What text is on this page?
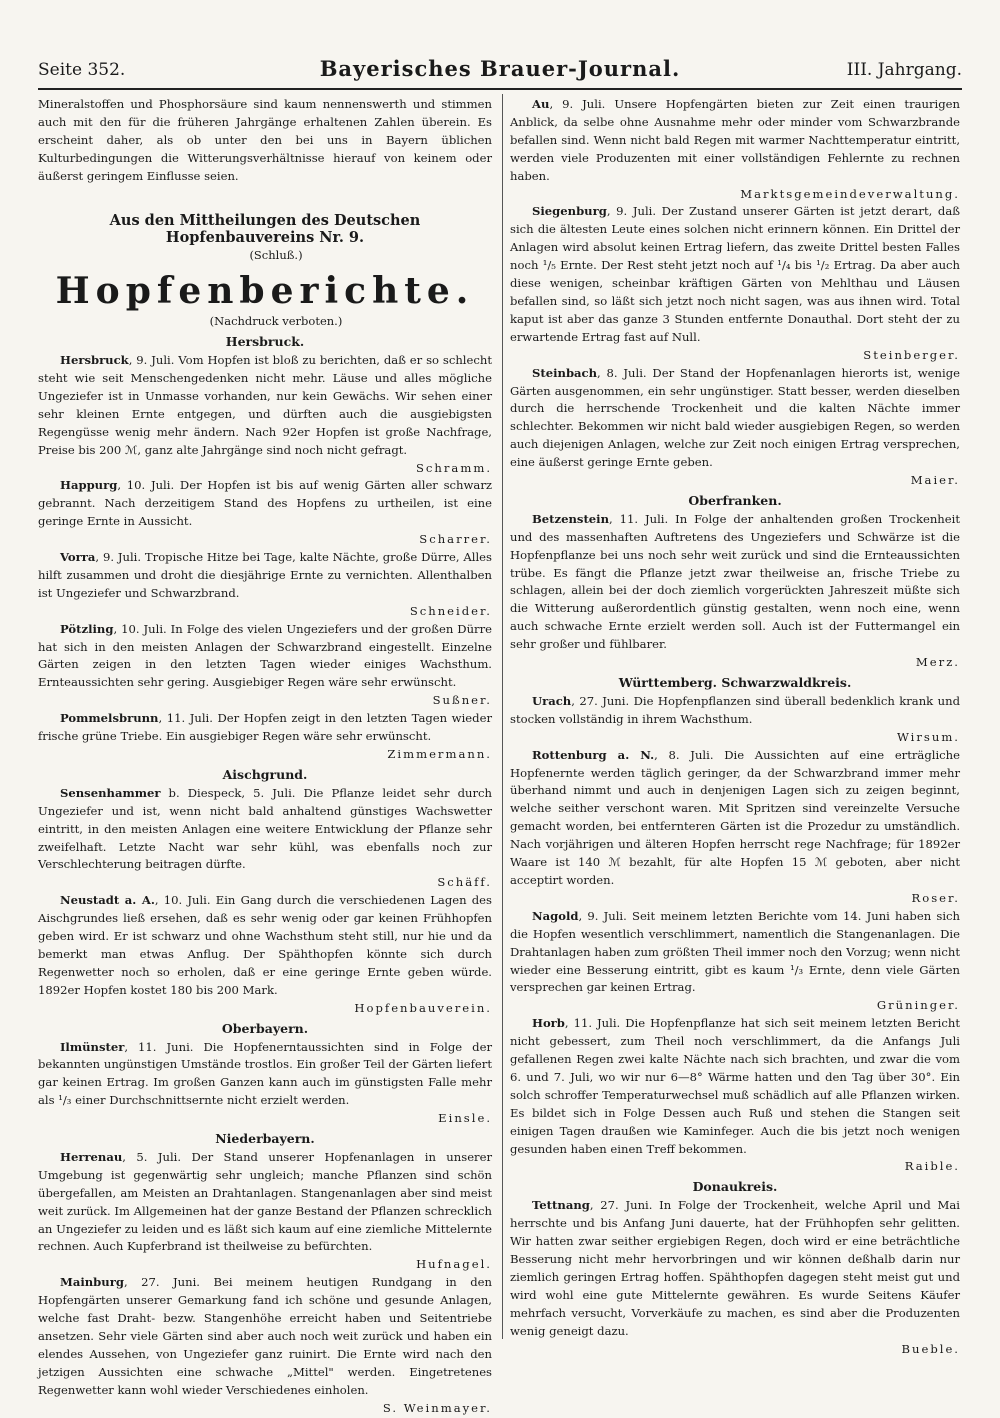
Seite 352.	Bayerisches Brauer-Journal.	III. Jahrgang.

Mineralstoffen und Phosphorsäure sind kaum nennenswerth und stimmen auch mit den für die früheren Jahrgänge erhaltenen Zahlen überein. Es erscheint daher, als ob unter den bei uns in Bayern üblichen Kulturbedingungen die Witterungsverhältnisse hierauf von keinem oder äußerst geringem Einflusse seien.

Aus den Mittheilungen des Deutschen Hopfenbauvereins Nr. 9.

(Schluß.)

Hopfenberichte.

(Nachdruck verboten.)

Hersbruck.

Hersbruck, 9. Juli. Vom Hopfen ist bloß zu berichten, daß er so schlecht steht wie seit Menschengedenken nicht mehr. Läuse und alles mögliche Ungeziefer ist in Unmasse vorhanden, nur kein Gewächs. Wir sehen einer sehr kleinen Ernte entgegen, und dürften auch die ausgiebigsten Regengüsse wenig mehr ändern. Nach 92er Hopfen ist große Nachfrage, Preise bis 200 ℳ, ganz alte Jahrgänge sind noch nicht gefragt.
Schramm.

Happurg, 10. Juli. Der Hopfen ist bis auf wenig Gärten aller schwarz gebrannt. Nach derzeitigem Stand des Hopfens zu urtheilen, ist eine geringe Ernte in Aussicht.
Scharrer.

Vorra, 9. Juli. Tropische Hitze bei Tage, kalte Nächte, große Dürre, Alles hilft zusammen und droht die diesjährige Ernte zu vernichten. Allenthalben ist Ungeziefer und Schwarzbrand.
Schneider.

Pötzling, 10. Juli. In Folge des vielen Ungeziefers und der großen Dürre hat sich in den meisten Anlagen der Schwarzbrand eingestellt. Einzelne Gärten zeigen in den letzten Tagen wieder einiges Wachsthum. Ernteaussichten sehr gering. Ausgiebiger Regen wäre sehr erwünscht.
Sußner.

Pommelsbrunn, 11. Juli. Der Hopfen zeigt in den letzten Tagen wieder frische grüne Triebe. Ein ausgiebiger Regen wäre sehr erwünscht.
Zimmermann.

Aischgrund.

Sensenhammer b. Diespeck, 5. Juli. Die Pflanze leidet sehr durch Ungeziefer und ist, wenn nicht bald anhaltend günstiges Wachswetter eintritt, in den meisten Anlagen eine weitere Entwicklung der Pflanze sehr zweifelhaft. Letzte Nacht war sehr kühl, was ebenfalls noch zur Verschlechterung beitragen dürfte.
Schäff.

Neustadt a. A., 10. Juli. Ein Gang durch die verschiedenen Lagen des Aischgrundes ließ ersehen, daß es sehr wenig oder gar keinen Frühhopfen geben wird. Er ist schwarz und ohne Wachsthum steht still, nur hie und da bemerkt man etwas Anflug. Der Spähthopfen könnte sich durch Regenwetter noch so erholen, daß er eine geringe Ernte geben würde. 1892er Hopfen kostet 180 bis 200 Mark.
Hopfenbauverein.

Oberbayern.

Ilmünster, 11. Juni. Die Hopfenerntaussichten sind in Folge der bekannten ungünstigen Umstände trostlos. Ein großer Teil der Gärten liefert gar keinen Ertrag. Im großen Ganzen kann auch im günstigsten Falle mehr als ¹/₃ einer Durchschnittsernte nicht erzielt werden.
Einsle.

Niederbayern.

Herrenau, 5. Juli. Der Stand unserer Hopfenanlagen in unserer Umgebung ist gegenwärtig sehr ungleich; manche Pflanzen sind schön übergefallen, am Meisten an Drahtanlagen. Stangenanlagen aber sind meist weit zurück. Im Allgemeinen hat der ganze Bestand der Pflanzen schrecklich an Ungeziefer zu leiden und es läßt sich kaum auf eine ziemliche Mittelernte rechnen. Auch Kupferbrand ist theilweise zu befürchten.
Hufnagel.

Mainburg, 27. Juni. Bei meinem heutigen Rundgang in den Hopfengärten unserer Gemarkung fand ich schöne und gesunde Anlagen, welche fast Draht- bezw. Stangenhöhe erreicht haben und Seitentriebe ansetzen. Sehr viele Gärten sind aber auch noch weit zurück und haben ein elendes Aussehen, von Ungeziefer ganz ruinirt. Die Ernte wird nach den jetzigen Aussichten eine schwache „Mittel" werden. Eingetretenes Regenwetter kann wohl wieder Verschiedenes einholen.
S. Weinmayer.

Au, 9. Juli. Unsere Hopfengärten bieten zur Zeit einen traurigen Anblick, da selbe ohne Ausnahme mehr oder minder vom Schwarzbrande befallen sind. Wenn nicht bald Regen mit warmer Nachttemperatur eintritt, werden viele Produzenten mit einer vollständigen Fehlernte zu rechnen haben.
Marktsgemeindeverwaltung.

Siegenburg, 9. Juli. Der Zustand unserer Gärten ist jetzt derart, daß sich die ältesten Leute eines solchen nicht erinnern können. Ein Drittel der Anlagen wird absolut keinen Ertrag liefern, das zweite Drittel besten Falles noch ¹/₅ Ernte. Der Rest steht jetzt noch auf ¹/₄ bis ¹/₂ Ertrag. Da aber auch diese wenigen, scheinbar kräftigen Gärten von Mehlthau und Läusen befallen sind, so läßt sich jetzt noch nicht sagen, was aus ihnen wird. Total kaput ist aber das ganze 3 Stunden entfernte Donauthal. Dort steht der zu erwartende Ertrag fast auf Null.
Steinberger.

Steinbach, 8. Juli. Der Stand der Hopfenanlagen hierorts ist, wenige Gärten ausgenommen, ein sehr ungünstiger. Statt besser, werden dieselben durch die herrschende Trockenheit und die kalten Nächte immer schlechter. Bekommen wir nicht bald wieder ausgiebigen Regen, so werden auch diejenigen Anlagen, welche zur Zeit noch einigen Ertrag versprechen, eine äußerst geringe Ernte geben.
Maier.

Oberfranken.

Betzenstein, 11. Juli. In Folge der anhaltenden großen Trockenheit und des massenhaften Auftretens des Ungeziefers und Schwärze ist die Hopfenpflanze bei uns noch sehr weit zurück und sind die Ernteaussichten trübe. Es fängt die Pflanze jetzt zwar theilweise an, frische Triebe zu schlagen, allein bei der doch ziemlich vorgerückten Jahreszeit müßte sich die Witterung außerordentlich günstig gestalten, wenn noch eine, wenn auch schwache Ernte erzielt werden soll. Auch ist der Futtermangel ein sehr großer und fühlbarer.
Merz.

Württemberg. Schwarzwaldkreis.

Urach, 27. Juni. Die Hopfenpflanzen sind überall bedenklich krank und stocken vollständig in ihrem Wachsthum.
Wirsum.

Rottenburg a. N., 8. Juli. Die Aussichten auf eine erträgliche Hopfenernte werden täglich geringer, da der Schwarzbrand immer mehr überhand nimmt und auch in denjenigen Lagen sich zu zeigen beginnt, welche seither verschont waren. Mit Spritzen sind vereinzelte Versuche gemacht worden, bei entfernteren Gärten ist die Prozedur zu umständlich. Nach vorjährigen und älteren Hopfen herrscht rege Nachfrage; für 1892er Waare ist 140 ℳ bezahlt, für alte Hopfen 15 ℳ geboten, aber nicht acceptirt worden.
Roser.

Nagold, 9. Juli. Seit meinem letzten Berichte vom 14. Juni haben sich die Hopfen wesentlich verschlimmert, namentlich die Stangenanlagen. Die Drahtanlagen haben zum größten Theil immer noch den Vorzug; wenn nicht wieder eine Besserung eintritt, gibt es kaum ¹/₃ Ernte, denn viele Gärten versprechen gar keinen Ertrag.
Grüninger.

Horb, 11. Juli. Die Hopfenpflanze hat sich seit meinem letzten Bericht nicht gebessert, zum Theil noch verschlimmert, da die Anfangs Juli gefallenen Regen zwei kalte Nächte nach sich brachten, und zwar die vom 6. und 7. Juli, wo wir nur 6—8° Wärme hatten und den Tag über 30°. Ein solch schroffer Temperaturwechsel muß schädlich auf alle Pflanzen wirken. Es bildet sich in Folge Dessen auch Ruß und stehen die Stangen seit einigen Tagen draußen wie Kaminfeger. Auch die bis jetzt noch wenigen gesunden haben einen Treff bekommen.
Raible.

Donaukreis.

Tettnang, 27. Juni. In Folge der Trockenheit, welche April und Mai herrschte und bis Anfang Juni dauerte, hat der Frühhopfen sehr gelitten. Wir hatten zwar seither ergiebigen Regen, doch wird er eine beträchtliche Besserung nicht mehr hervorbringen und wir können deßhalb darin nur ziemlich geringen Ertrag hoffen. Spähthopfen dagegen steht meist gut und wird wohl eine gute Mittelernte gewähren. Es wurde Seitens Käufer mehrfach versucht, Vorverkäufe zu machen, es sind aber die Produzenten wenig geneigt dazu.
Bueble.
